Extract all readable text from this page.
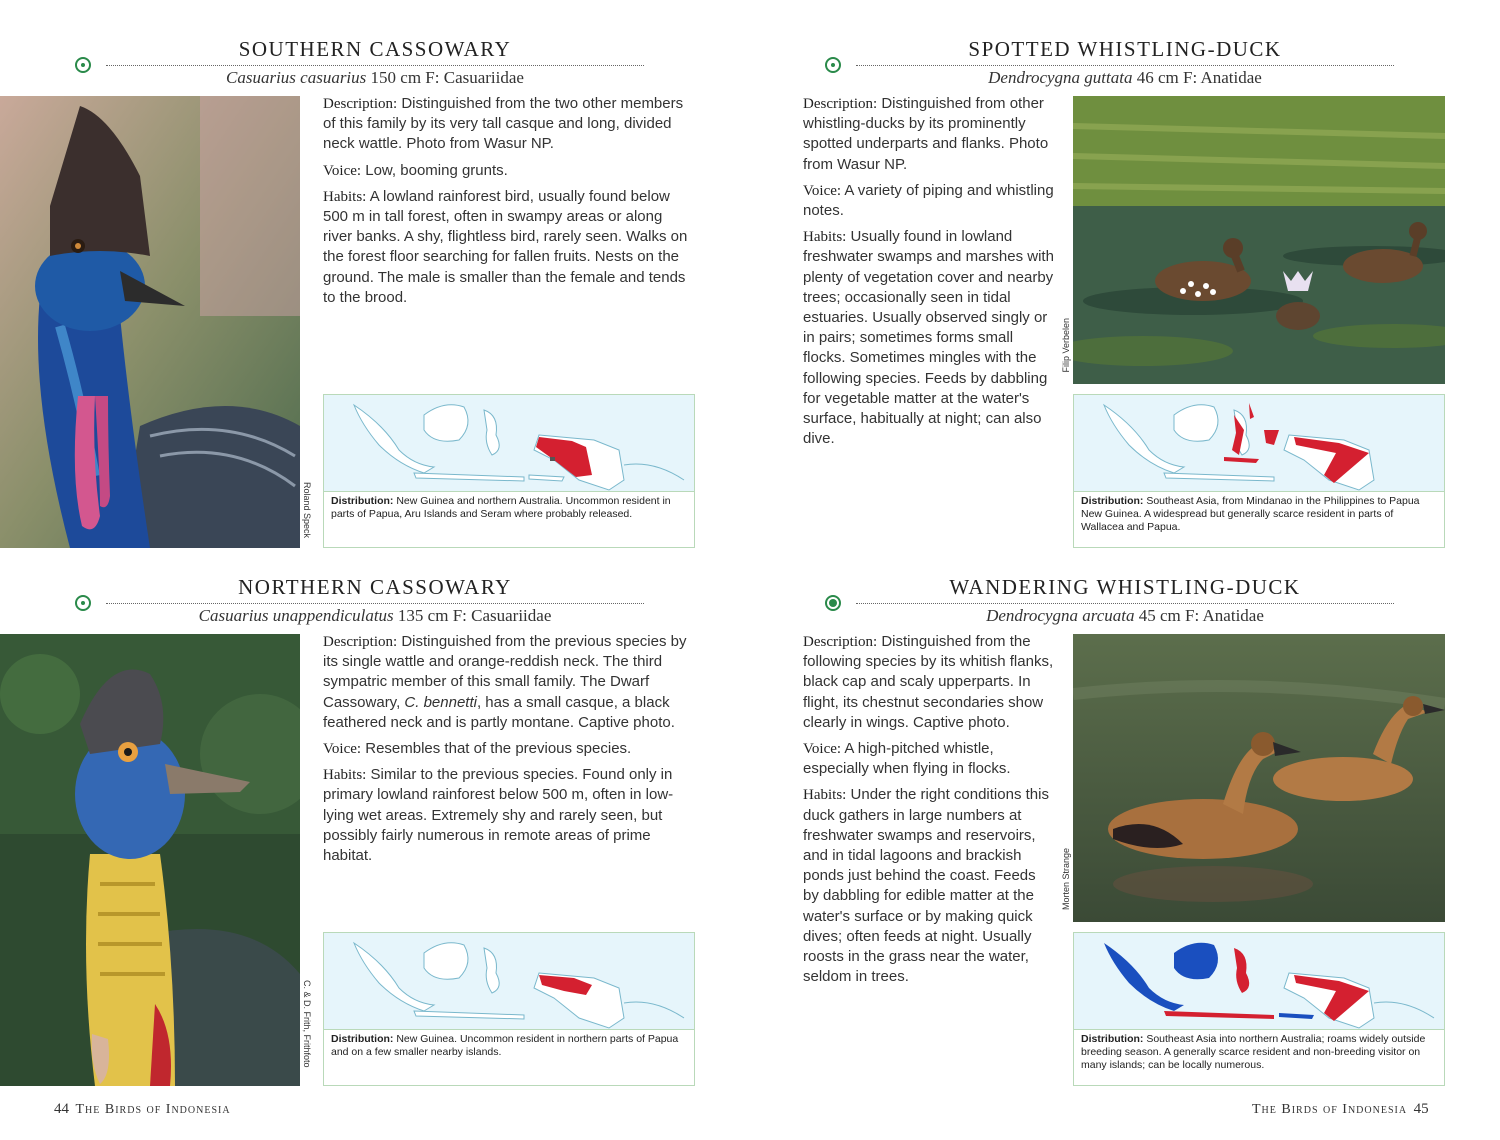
SOUTHERN CASSOWARY
Casuarius casuarius 150 cm F: Casuariidae
Roland Speck

Description: Distinguished from the two other members of this family by its very tall casque and long, divided neck wattle. Photo from Wasur NP.

Voice: Low, booming grunts.

Habits: A lowland rainforest bird, usually found below 500 m in tall forest, often in swampy areas or along river banks. A shy, flightless bird, rarely seen. Walks on the forest floor searching for fallen fruits. Nests on the ground. The male is smaller than the female and tends to the brood.

Distribution: New Guinea and northern Australia. Uncommon resident in parts of Papua, Aru Islands and Seram where probably released.
NORTHERN CASSOWARY
Casuarius unappendiculatus 135 cm F: Casuariidae
C. & D. Frith, Frithfoto

Description: Distinguished from the previous species by its single wattle and orange-reddish neck. The third sympatric member of this small family. The Dwarf Cassowary, C. bennetti, has a small casque, a black feathered neck and is partly montane. Captive photo.

Voice: Resembles that of the previous species.

Habits: Similar to the previous species. Found only in primary lowland rainforest below 500 m, often in low-lying wet areas. Extremely shy and rarely seen, but possibly fairly numerous in remote areas of prime habitat.

Distribution: New Guinea. Uncommon resident in northern parts of Papua and on a few smaller nearby islands.
44 The Birds of Indonesia
SPOTTED WHISTLING-DUCK
Dendrocygna guttata 46 cm F: Anatidae

Description: Distinguished from other whistling-ducks by its prominently spotted underparts and flanks. Photo from Wasur NP.

Voice: A variety of piping and whistling notes.

Habits: Usually found in lowland freshwater swamps and marshes with plenty of vegetation cover and nearby trees; occasionally seen in tidal estuaries. Usually observed singly or in pairs; sometimes forms small flocks. Sometimes mingles with the following species. Feeds by dabbling for vegetable matter at the water's surface, habitually at night; can also dive.

Filip Verbelen
Distribution: Southeast Asia, from Mindanao in the Philippines to Papua New Guinea. A widespread but generally scarce resident in parts of Wallacea and Papua.
WANDERING WHISTLING-DUCK
Dendrocygna arcuata 45 cm F: Anatidae

Description: Distinguished from the following species by its whitish flanks, black cap and scaly upperparts. In flight, its chestnut secondaries show clearly in wings. Captive photo.

Voice: A high-pitched whistle, especially when flying in flocks.

Habits: Under the right conditions this duck gathers in large numbers at freshwater swamps and reservoirs, and in tidal lagoons and brackish ponds just behind the coast. Feeds by dabbling for edible matter at the water's surface or by making quick dives; often feeds at night. Usually roosts in the grass near the water, seldom in trees.

Morten Strange
Distribution: Southeast Asia into northern Australia; roams widely outside breeding season. A generally scarce resident and non-breeding visitor on many islands; can be locally numerous.
The Birds of Indonesia 45
